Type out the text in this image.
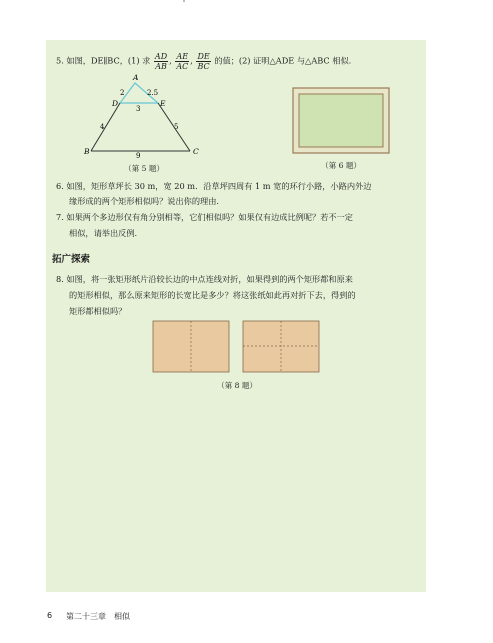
5. 如图，DE∥BC，(1) 求 $\frac{AD}{AB}$ , $\frac{AE}{AC}$ , $\frac{DE}{BC}$ 的值；(2) 证明△ADE 与△ABC 相似.
A
D	E
B	C
2	2.5
3
4	5
9
（第 5 题）	（第 6 题）
6. 如图，矩形草坪长 30 m，宽 20 m．沿草坪四周有 1 m 宽的环行小路，小路内外边
缘形成的两个矩形相似吗？说出你的理由.
7. 如果两个多边形仅有角分别相等，它们相似吗？如果仅有边成比例呢？若不一定
相似，请举出反例.
拓广探索
8. 如图，将一张矩形纸片沿较长边的中点连线对折，如果得到的两个矩形都和原来
的矩形相似，那么原来矩形的长宽比是多少？将这张纸如此再对折下去，得到的
矩形都相似吗？
（第 8 题）
6 第二十三章　相似
